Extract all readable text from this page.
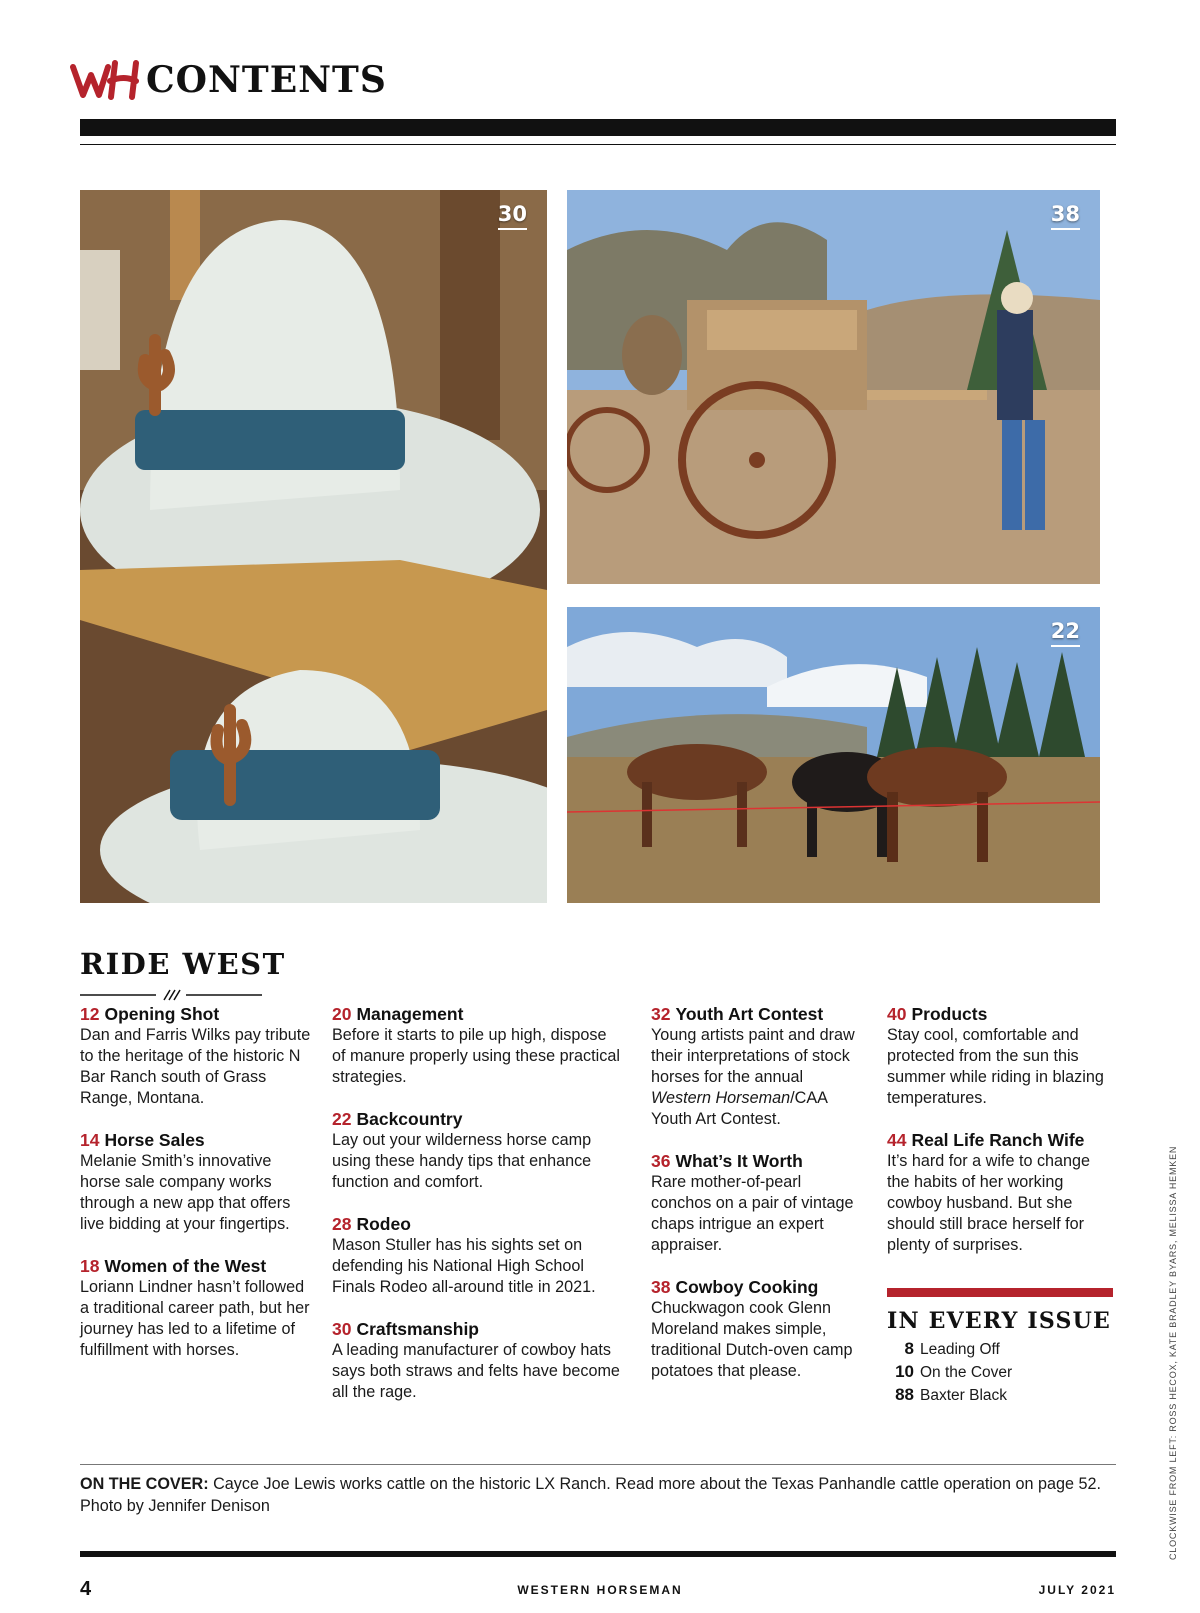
CONTENTS
30	38
22
RIDE WEST
12 Opening Shot
Dan and Farris Wilks pay tribute to the heritage of the historic N Bar Ranch south of Grass Range, Montana.
14 Horse Sales
Melanie Smith’s innovative horse sale company works through a new app that offers live bidding at your fingertips.
18 Women of the West
Loriann Lindner hasn’t followed a traditional career path, but her journey has led to a lifetime of fulfillment with horses.
20 Management
Before it starts to pile up high, dispose of manure properly using these practical strategies.
22 Backcountry
Lay out your wilderness horse camp using these handy tips that enhance function and comfort.
28 Rodeo
Mason Stuller has his sights set on defending his National High School Finals Rodeo all-around title in 2021.
30 Craftsmanship
A leading manufacturer of cowboy hats says both straws and felts have become all the rage.
32 Youth Art Contest
Young artists paint and draw their interpretations of stock horses for the annual Western Horseman/CAA Youth Art Contest.
36 What’s It Worth
Rare mother-of-pearl conchos on a pair of vintage chaps intrigue an expert appraiser.
38 Cowboy Cooking
Chuckwagon cook Glenn Moreland makes simple, traditional Dutch-oven camp potatoes that please.
40 Products
Stay cool, comfortable and protected from the sun this summer while riding in blazing temperatures.
44 Real Life Ranch Wife
It’s hard for a wife to change the habits of her working cowboy husband. But she should still brace herself for plenty of surprises.
IN EVERY ISSUE
8 Leading Off
10 On the Cover
88 Baxter Black	CLOCKWISE FROM LEFT: ROSS HECOX, KATE BRADLEY BYARS, MELISSA HEMKEN
ON THE COVER: Cayce Joe Lewis works cattle on the historic LX Ranch. Read more about the Texas Panhandle cattle operation on page 52. Photo by Jennifer Denison
4	WESTERN HORSEMAN	JULY 2021
